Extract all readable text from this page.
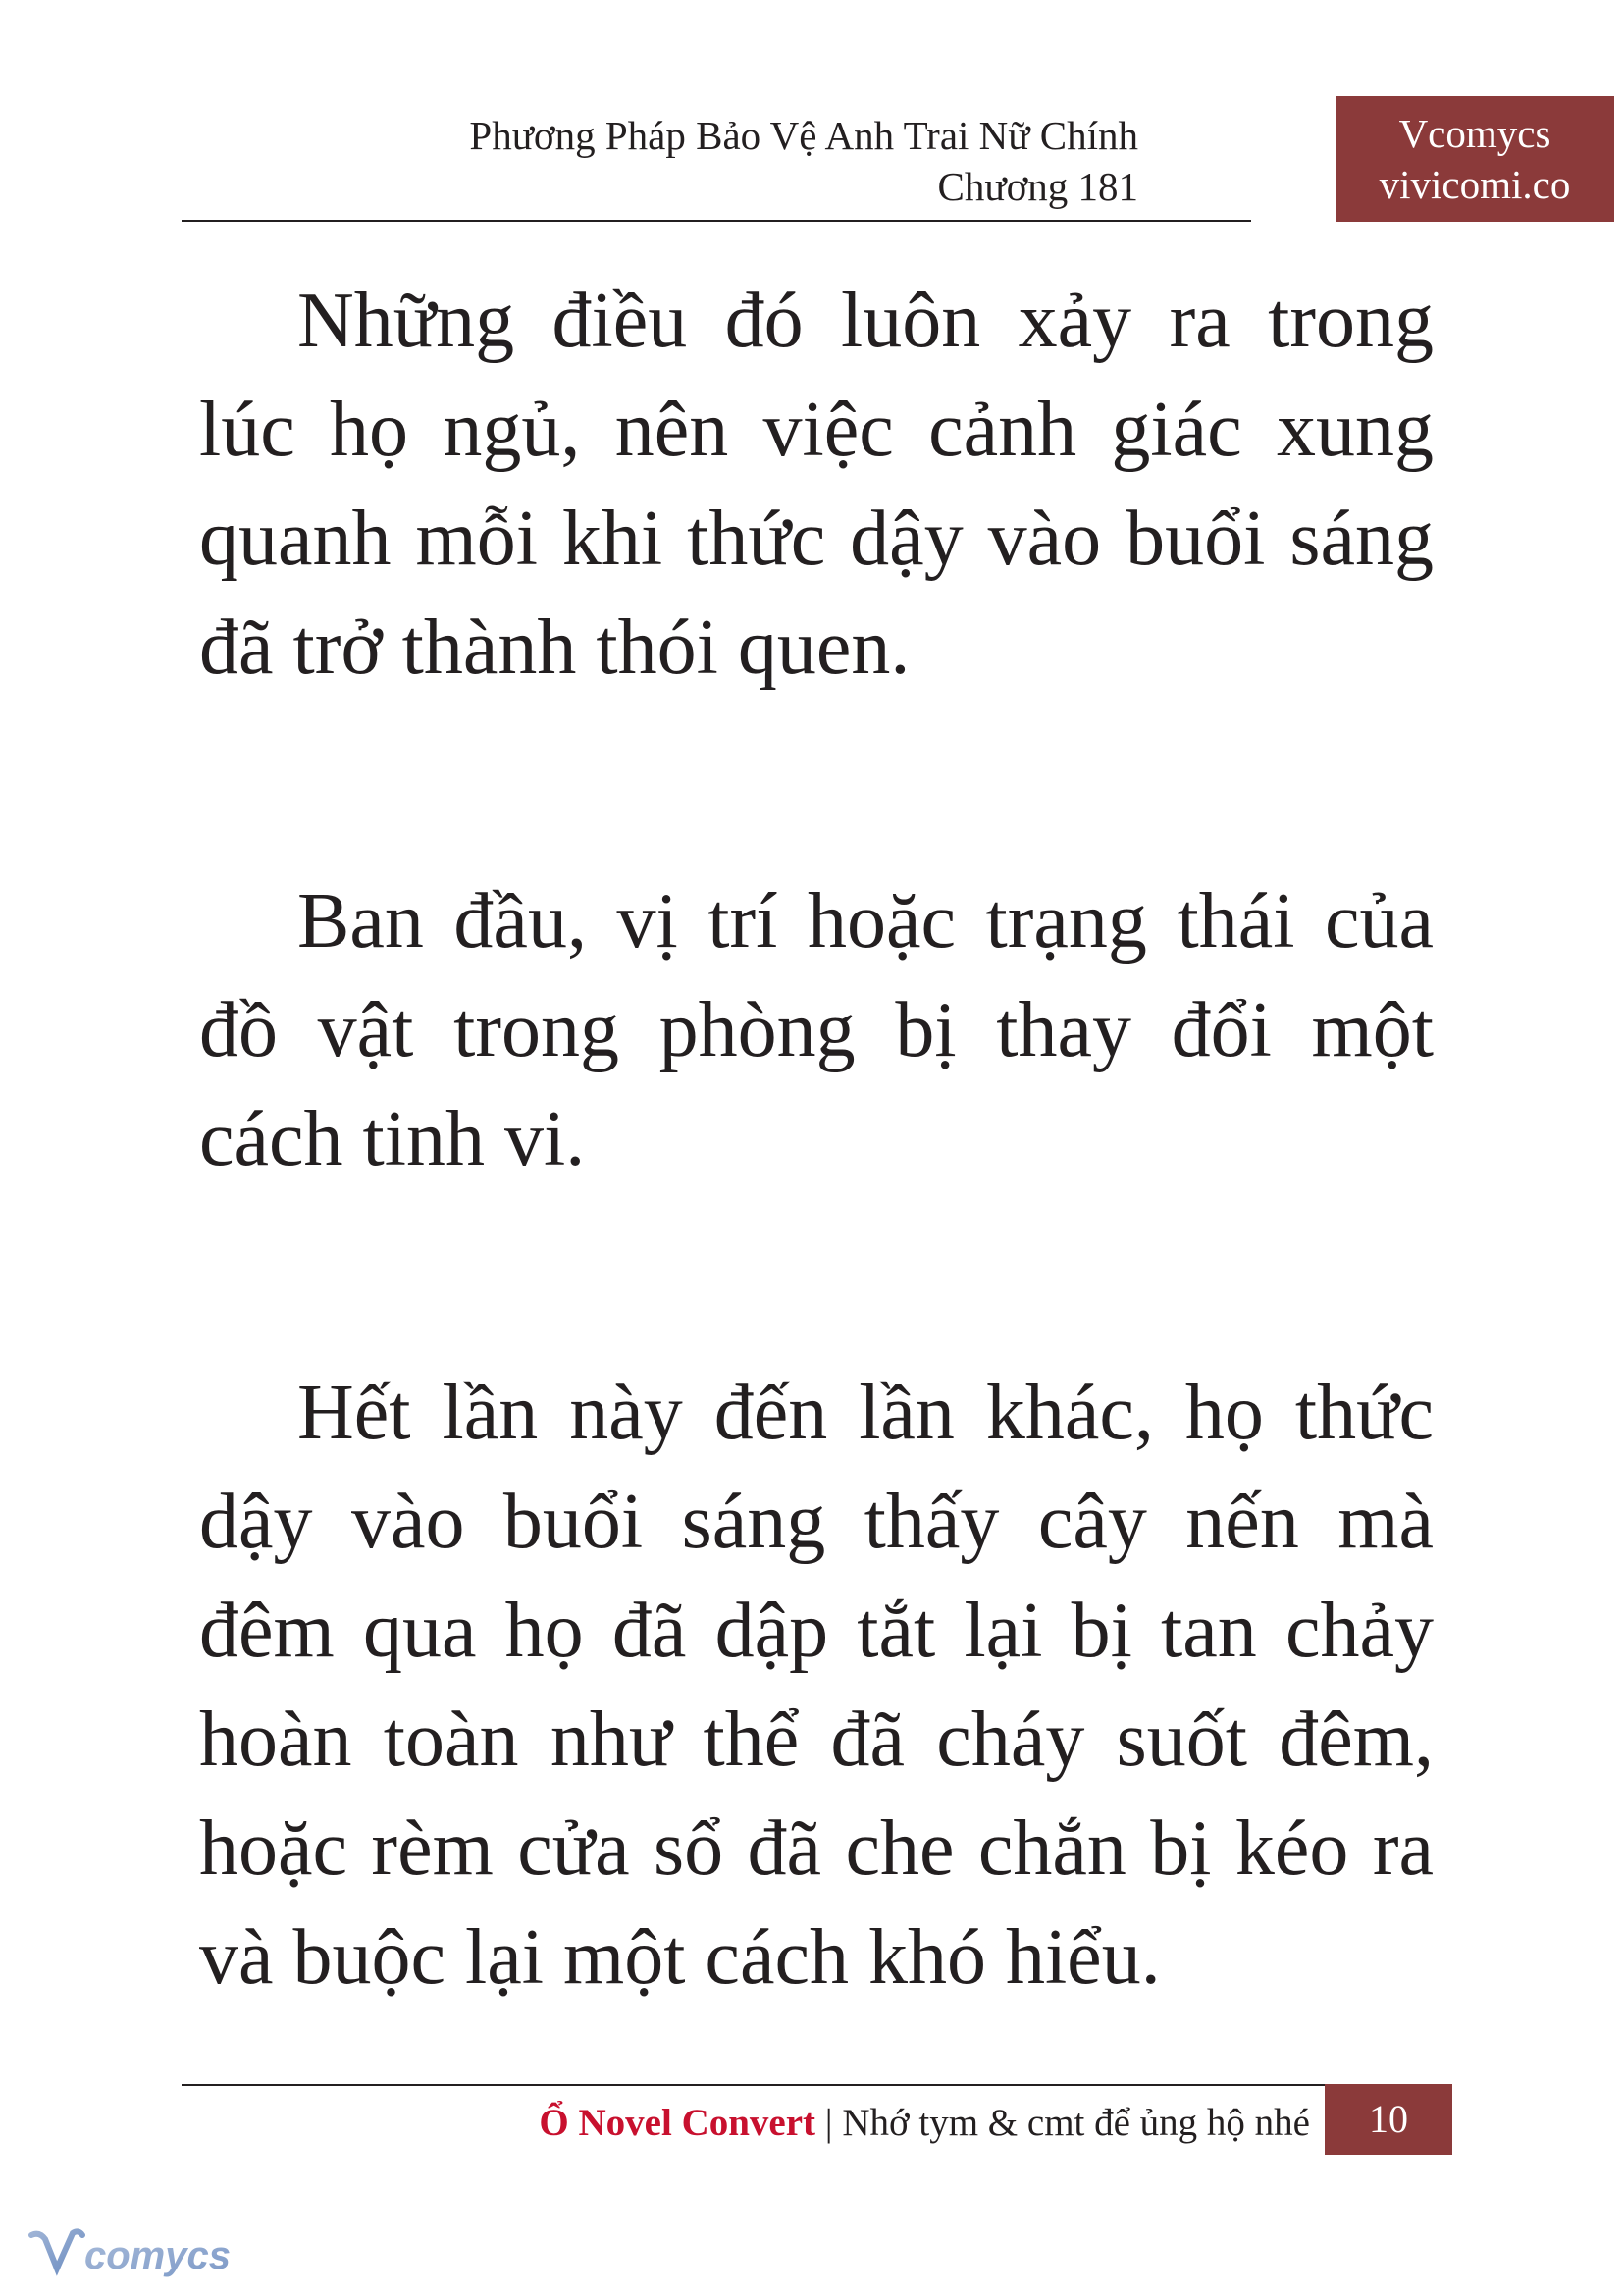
Phương Pháp Bảo Vệ Anh Trai Nữ Chính
Chương 181
Vcomycs
vivicomi.co

Những điều đó luôn xảy ra trong lúc họ ngủ, nên việc cảnh giác xung quanh mỗi khi thức dậy vào buổi sáng đã trở thành thói quen.

Ban đầu, vị trí hoặc trạng thái của đồ vật trong phòng bị thay đổi một cách tinh vi.

Hết lần này đến lần khác, họ thức dậy vào buổi sáng thấy cây nến mà đêm qua họ đã dập tắt lại bị tan chảy hoàn toàn như thể đã cháy suốt đêm, hoặc rèm cửa sổ đã che chắn bị kéo ra và buộc lại một cách khó hiểu.

Ổ Novel Convert | Nhớ tym & cmt để ủng hộ nhé	10
comycs
